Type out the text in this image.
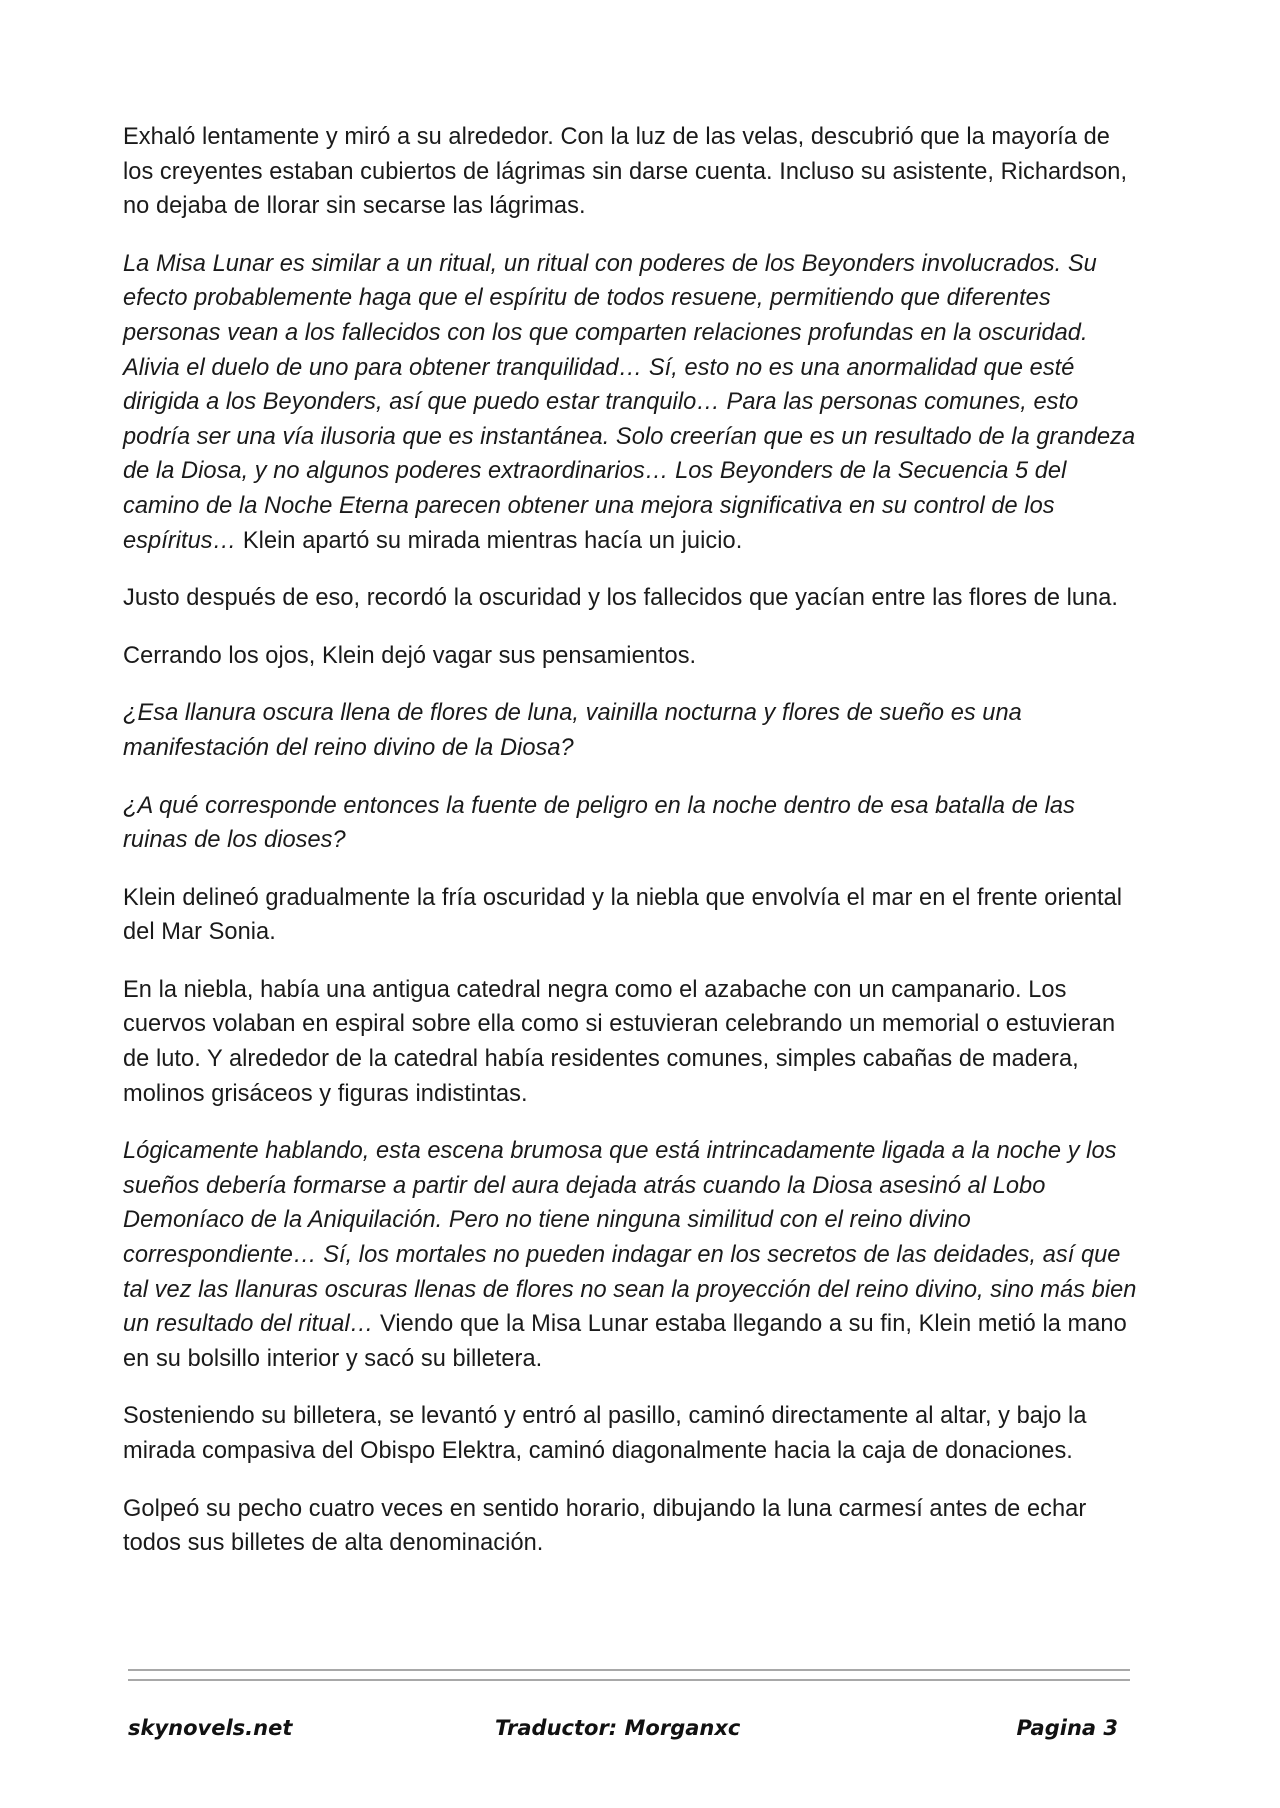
Exhaló lentamente y miró a su alrededor. Con la luz de las velas, descubrió que la mayoría de los creyentes estaban cubiertos de lágrimas sin darse cuenta. Incluso su asistente, Richardson, no dejaba de llorar sin secarse las lágrimas.

La Misa Lunar es similar a un ritual, un ritual con poderes de los Beyonders involucrados. Su efecto probablemente haga que el espíritu de todos resuene, permitiendo que diferentes personas vean a los fallecidos con los que comparten relaciones profundas en la oscuridad. Alivia el duelo de uno para obtener tranquilidad… Sí, esto no es una anormalidad que esté dirigida a los Beyonders, así que puedo estar tranquilo… Para las personas comunes, esto podría ser una vía ilusoria que es instantánea. Solo creerían que es un resultado de la grandeza de la Diosa, y no algunos poderes extraordinarios… Los Beyonders de la Secuencia 5 del camino de la Noche Eterna parecen obtener una mejora significativa en su control de los espíritus… Klein apartó su mirada mientras hacía un juicio.

Justo después de eso, recordó la oscuridad y los fallecidos que yacían entre las flores de luna.

Cerrando los ojos, Klein dejó vagar sus pensamientos.

¿Esa llanura oscura llena de flores de luna, vainilla nocturna y flores de sueño es una manifestación del reino divino de la Diosa?

¿A qué corresponde entonces la fuente de peligro en la noche dentro de esa batalla de las ruinas de los dioses?

Klein delineó gradualmente la fría oscuridad y la niebla que envolvía el mar en el frente oriental del Mar Sonia.

En la niebla, había una antigua catedral negra como el azabache con un campanario. Los cuervos volaban en espiral sobre ella como si estuvieran celebrando un memorial o estuvieran de luto. Y alrededor de la catedral había residentes comunes, simples cabañas de madera, molinos grisáceos y figuras indistintas.

Lógicamente hablando, esta escena brumosa que está intrincadamente ligada a la noche y los sueños debería formarse a partir del aura dejada atrás cuando la Diosa asesinó al Lobo Demoníaco de la Aniquilación. Pero no tiene ninguna similitud con el reino divino correspondiente… Sí, los mortales no pueden indagar en los secretos de las deidades, así que tal vez las llanuras oscuras llenas de flores no sean la proyección del reino divino, sino más bien un resultado del ritual… Viendo que la Misa Lunar estaba llegando a su fin, Klein metió la mano en su bolsillo interior y sacó su billetera.

Sosteniendo su billetera, se levantó y entró al pasillo, caminó directamente al altar, y bajo la mirada compasiva del Obispo Elektra, caminó diagonalmente hacia la caja de donaciones.

Golpeó su pecho cuatro veces en sentido horario, dibujando la luna carmesí antes de echar todos sus billetes de alta denominación.

skynovels.net	Traductor: Morganxc	Pagina 3
